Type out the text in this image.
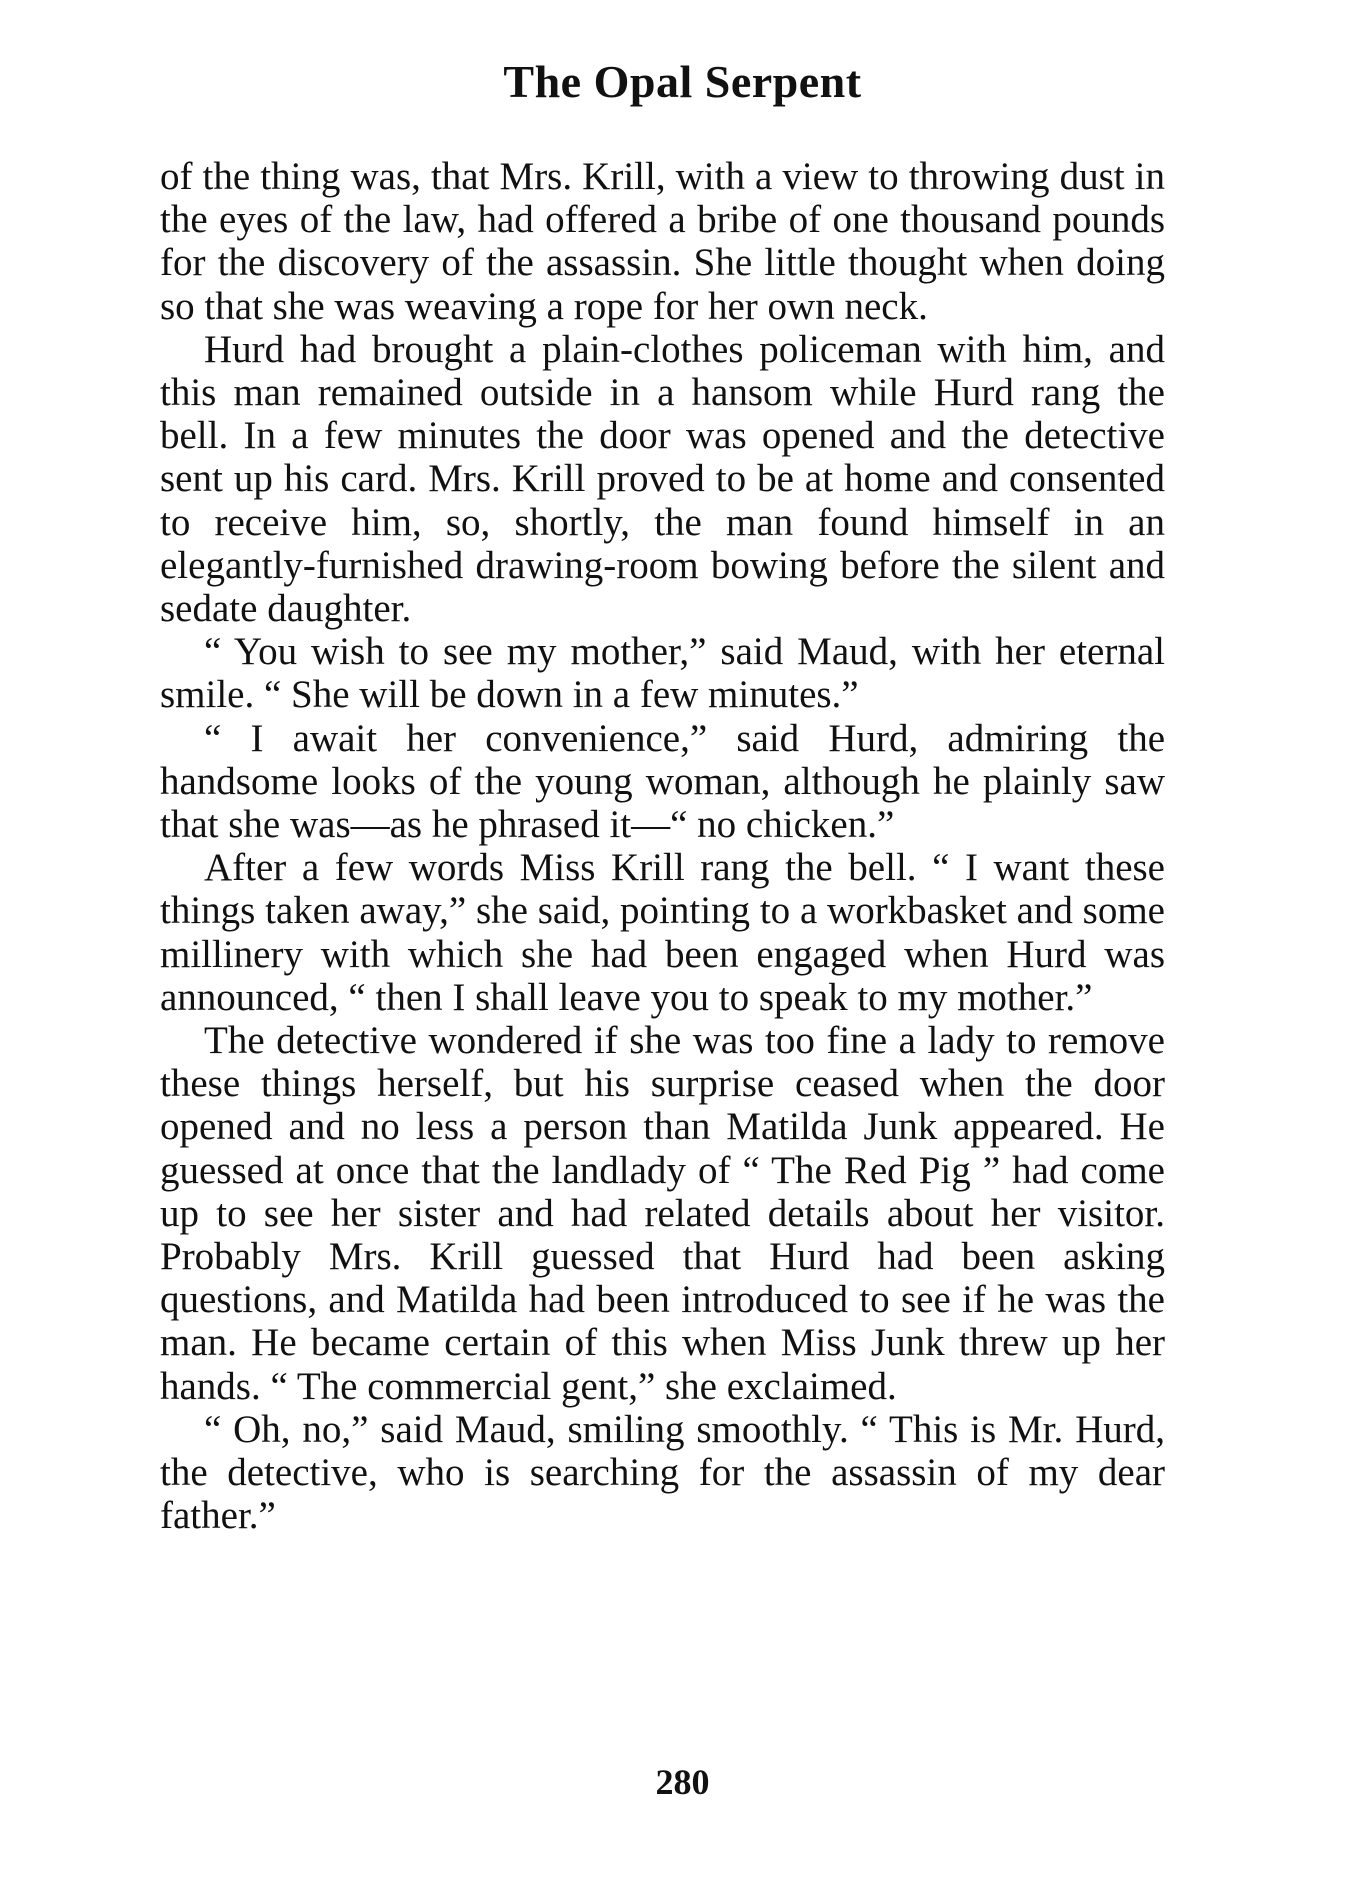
The Opal Serpent

of the thing was, that Mrs. Krill, with a view to throwing dust in the eyes of the law, had offered a bribe of one thousand pounds for the discovery of the assassin. She little thought when doing so that she was weaving a rope for her own neck.

Hurd had brought a plain-clothes policeman with him, and this man remained outside in a hansom while Hurd rang the bell. In a few minutes the door was opened and the detective sent up his card. Mrs. Krill proved to be at home and consented to receive him, so, shortly, the man found himself in an elegantly-furnished drawing-room bowing before the silent and sedate daughter.

“ You wish to see my mother,” said Maud, with her eternal smile. “ She will be down in a few minutes.”

“ I await her convenience,” said Hurd, admiring the handsome looks of the young woman, although he plainly saw that she was—as he phrased it—“ no chicken.”

After a few words Miss Krill rang the bell. “ I want these things taken away,” she said, pointing to a workbasket and some millinery with which she had been engaged when Hurd was announced, “ then I shall leave you to speak to my mother.”

The detective wondered if she was too fine a lady to remove these things herself, but his surprise ceased when the door opened and no less a person than Matilda Junk appeared. He guessed at once that the landlady of “ The Red Pig ” had come up to see her sister and had related details about her visitor. Probably Mrs. Krill guessed that Hurd had been asking questions, and Matilda had been introduced to see if he was the man. He became certain of this when Miss Junk threw up her hands. “ The commercial gent,” she exclaimed.

“ Oh, no,” said Maud, smiling smoothly. “ This is Mr. Hurd, the detective, who is searching for the assassin of my dear father.”

280
